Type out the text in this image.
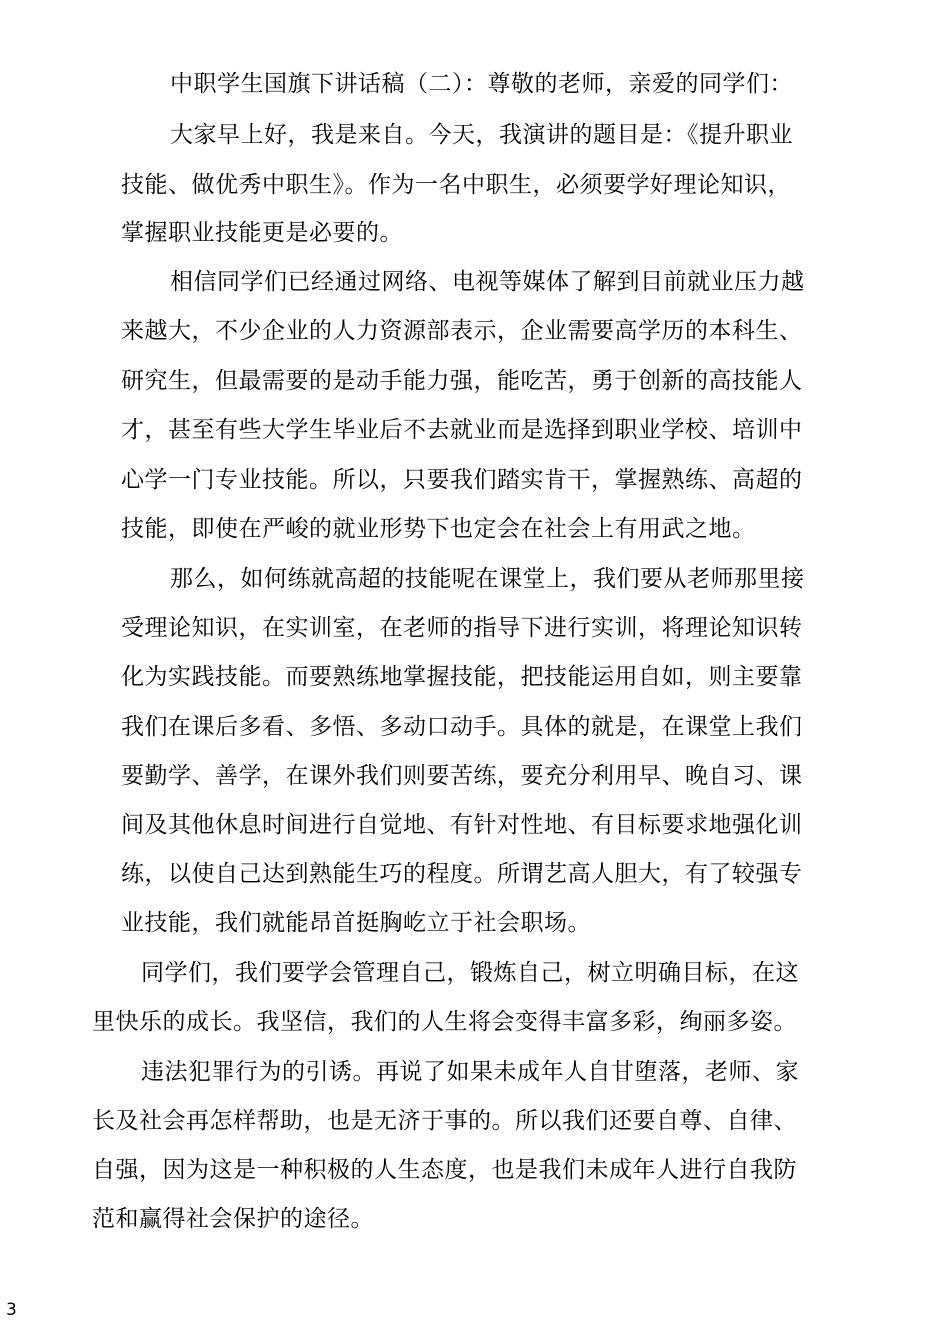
中职学生国旗下讲话稿（二）：尊敬的老师，亲爱的同学们：
大家早上好，我是来自。今天，我演讲的题目是：《提升职业
技能、做优秀中职生》。作为一名中职生，必须要学好理论知识，
掌握职业技能更是必要的。
相信同学们已经通过网络、电视等媒体了解到目前就业压力越
来越大，不少企业的人力资源部表示，企业需要高学历的本科生、
研究生，但最需要的是动手能力强，能吃苦，勇于创新的高技能人
才，甚至有些大学生毕业后不去就业而是选择到职业学校、培训中
心学一门专业技能。所以，只要我们踏实肯干，掌握熟练、高超的
技能，即使在严峻的就业形势下也定会在社会上有用武之地。
那么，如何练就高超的技能呢在课堂上，我们要从老师那里接
受理论知识，在实训室，在老师的指导下进行实训，将理论知识转
化为实践技能。而要熟练地掌握技能，把技能运用自如，则主要靠
我们在课后多看、多悟、多动口动手。具体的就是，在课堂上我们
要勤学、善学，在课外我们则要苦练，要充分利用早、晚自习、课
间及其他休息时间进行自觉地、有针对性地、有目标要求地强化训
练，以使自己达到熟能生巧的程度。所谓艺高人胆大，有了较强专
业技能，我们就能昂首挺胸屹立于社会职场。
同学们，我们要学会管理自己，锻炼自己，树立明确目标，在这
里快乐的成长。我坚信，我们的人生将会变得丰富多彩，绚丽多姿。
违法犯罪行为的引诱。再说了如果未成年人自甘堕落，老师、家
长及社会再怎样帮助，也是无济于事的。所以我们还要自尊、自律、
自强，因为这是一种积极的人生态度，也是我们未成年人进行自我防
范和赢得社会保护的途径。
3
